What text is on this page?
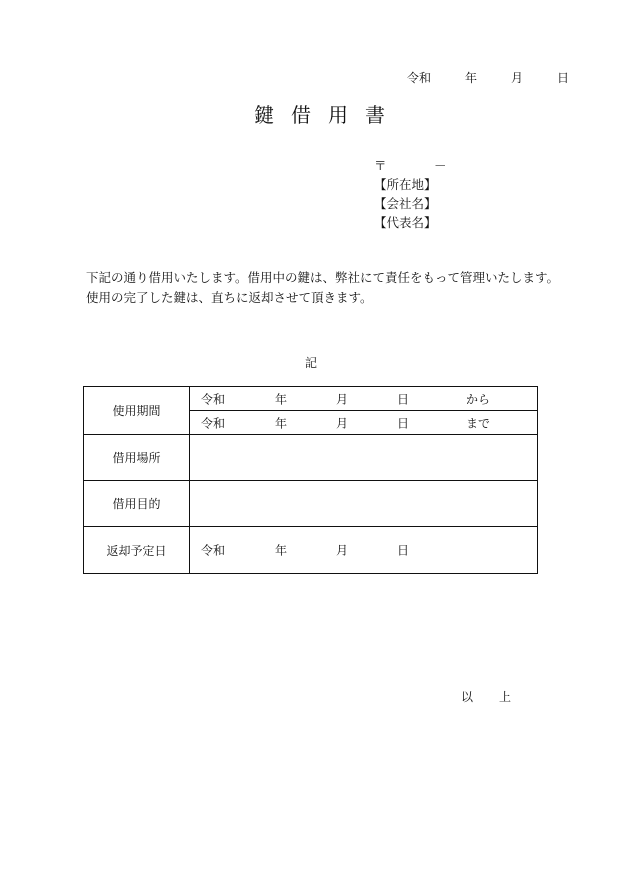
令和	年	月	日
鍵 借 用 書
〒	－
【所在地】
【会社名】
【代表名】
下記の通り借用いたします。借用中の鍵は、弊社にて責任をもって管理いたします。
使用の完了した鍵は、直ちに返却させて頂きます。
記
使用期間	令和 年 月 日 から

	令和 年 月 日 まで

借用場所	
借用目的	
返却予定日	令和 年 月 日
以 上
